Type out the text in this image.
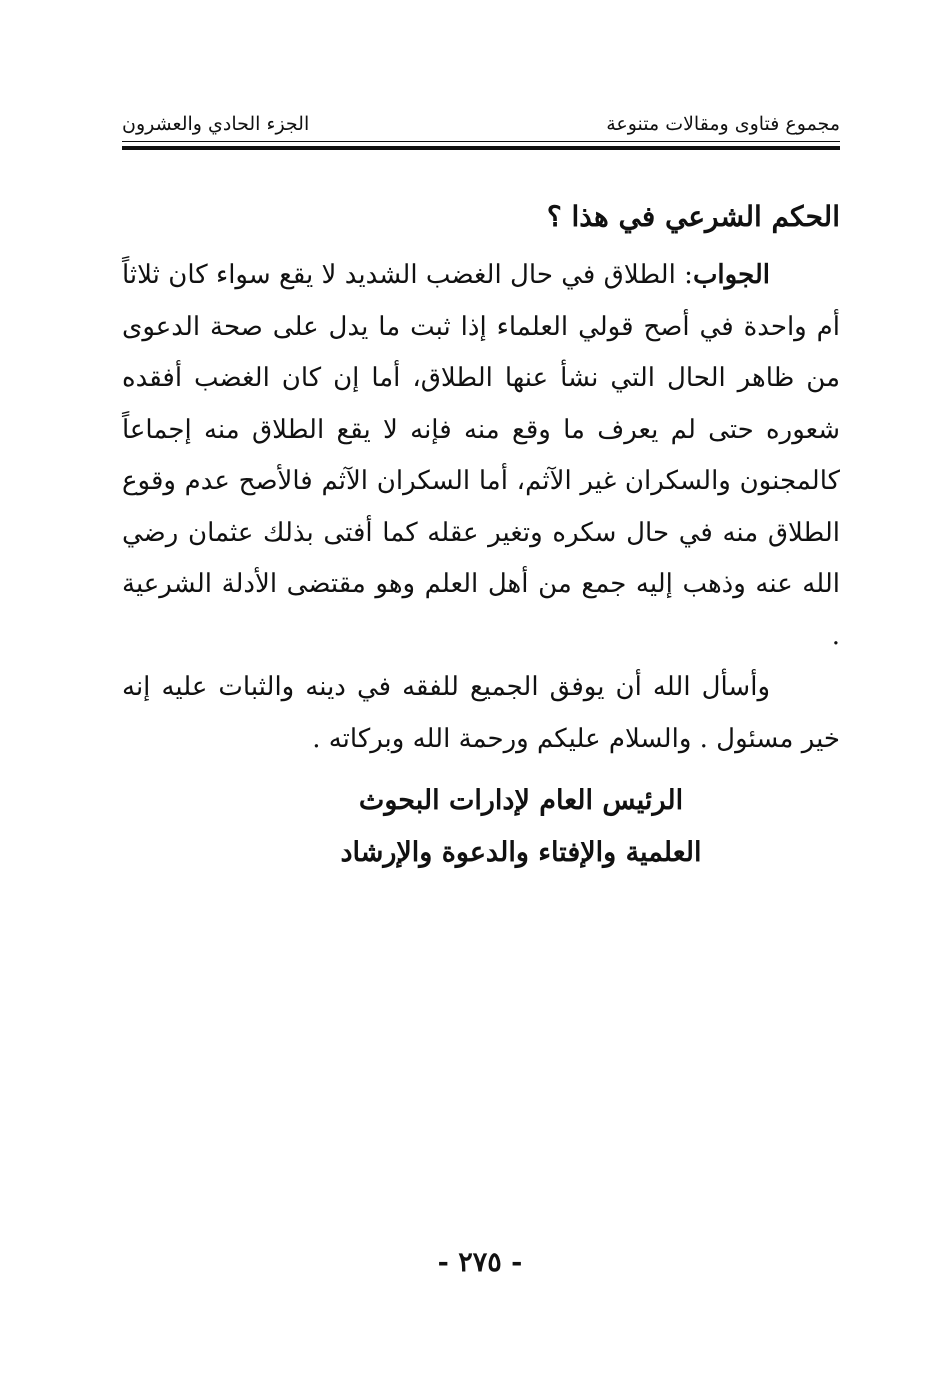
مجموع فتاوى ومقالات متنوعة
الجزء الحادي والعشرون

الحكم الشرعي في هذا ؟

الجواب: الطلاق في حال الغضب الشديد لا يقع سواء كان ثلاثاً أم واحدة في أصح قولي العلماء إذا ثبت ما يدل على صحة الدعوى من ظاهر الحال التي نشأ عنها الطلاق، أما إن كان الغضب أفقده شعوره حتى لم يعرف ما وقع منه فإنه لا يقع الطلاق منه إجماعاً كالمجنون والسكران غير الآثم، أما السكران الآثم فالأصح عدم وقوع الطلاق منه في حال سكره وتغير عقله كما أفتى بذلك عثمان رضي الله عنه وذهب إليه جمع من أهل العلم وهو مقتضى الأدلة الشرعية .

وأسأل الله أن يوفق الجميع للفقه في دينه والثبات عليه إنه خير مسئول . والسلام عليكم ورحمة الله وبركاته .

الرئيس العام لإدارات البحوث
العلمية والإفتاء والدعوة والإرشاد
- ٢٧٥ -
